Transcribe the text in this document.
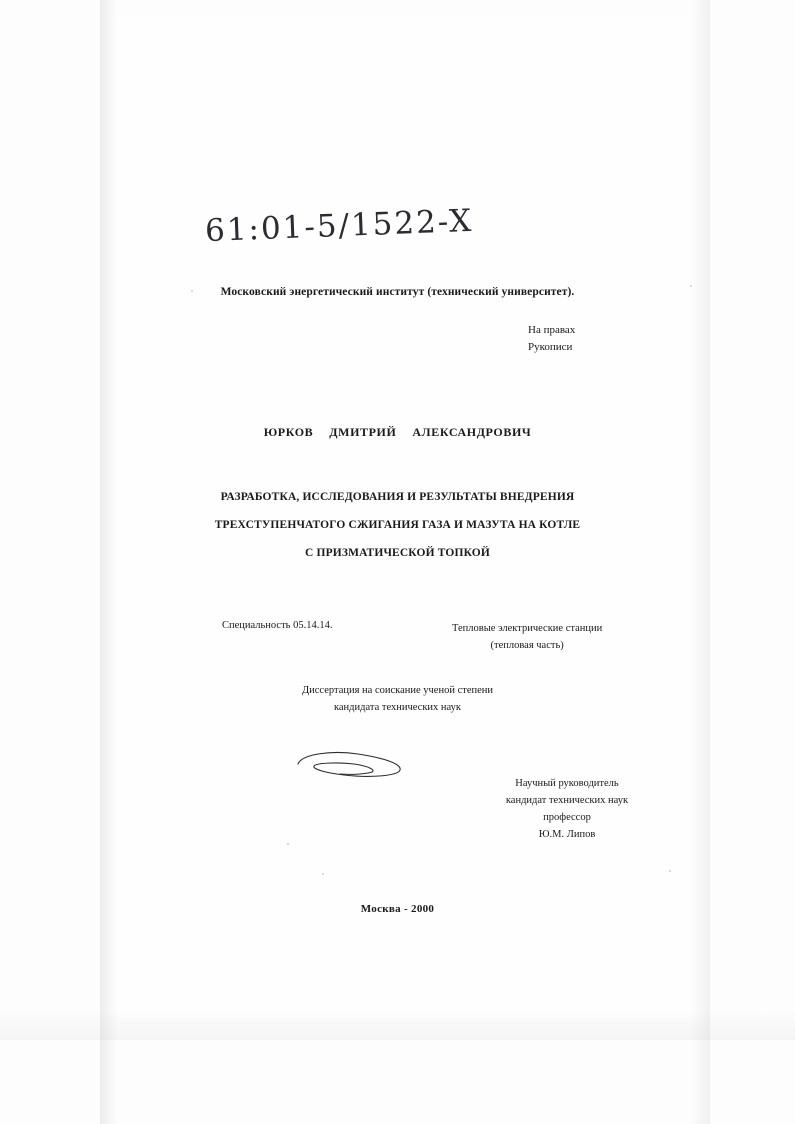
61:01-5/1522-X
Московский энергетический институт (технический университет).
На правах
Рукописи
ЮРКОВ ДМИТРИЙ АЛЕКСАНДРОВИЧ
РАЗРАБОТКА, ИССЛЕДОВАНИЯ И РЕЗУЛЬТАТЫ ВНЕДРЕНИЯ
ТРЕХСТУПЕНЧАТОГО СЖИГАНИЯ ГАЗА И МАЗУТА НА КОТЛЕ
С ПРИЗМАТИЧЕСКОЙ ТОПКОЙ
Специальность 05.14.14.	Тепловые электрические станции
(тепловая часть)
Диссертация на соискание ученой степени
кандидата технических наук
Научный руководитель
кандидат технических наук
профессор
Ю.М. Липов
Москва - 2000
